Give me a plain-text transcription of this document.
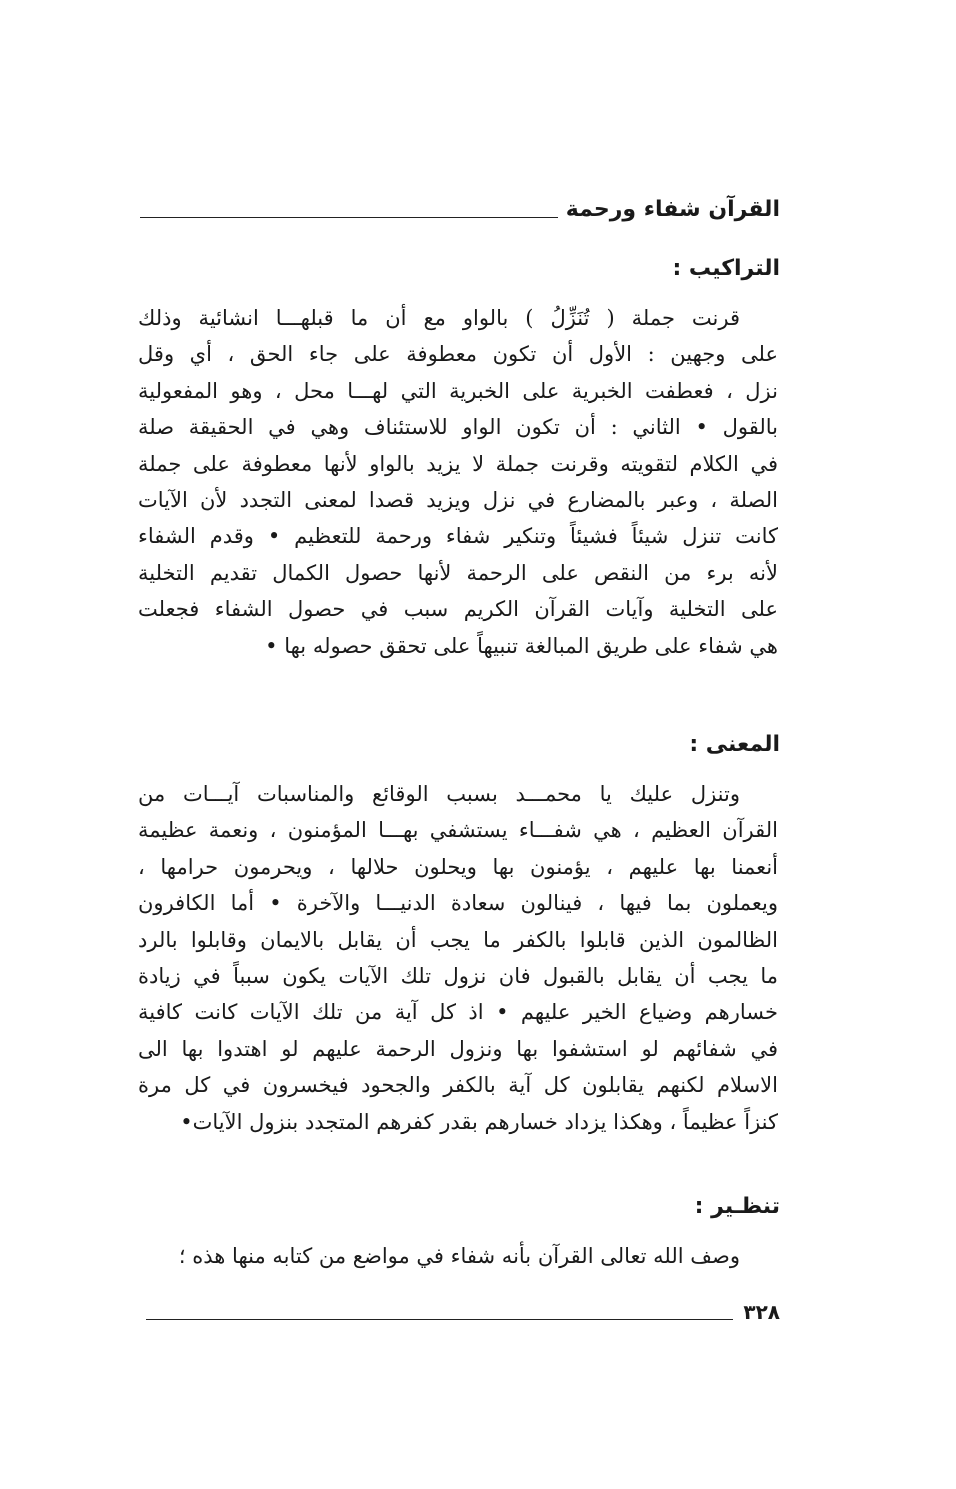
القرآن شفاء ورحمة
التراكيب :
قرنت جملة ( تُنَزِّلُ ) بالواو مع أن ما قبلهـــا انشائية وذلك
على وجهين : الأول أن تكون معطوفة على جاء الحق ، أي وقل
نزل ، فعطفت الخبرية على الخبرية التي لهـــا محل ، وهو المفعولية
بالقول • الثاني : أن تكون الواو للاستئناف وهي في الحقيقة صلة
في الكلام لتقويته وقرنت جملة لا يزيد بالواو لأنها معطوفة على جملة
الصلة ، وعبر بالمضارع في نزل ويزيد قصدا لمعنى التجدد لأن الآيات
كانت تنزل شيئاً فشيئاً وتنكير شفاء ورحمة للتعظيم • وقدم الشفاء
لأنه برء من النقص على الرحمة لأنها حصول الكمال تقديم التخلية
على التخلية وآيات القرآن الكريم سبب في حصول الشفاء فجعلت
هي شفاء على طريق المبالغة تنبيهاً على تحقق حصوله بها •
المعنى :
وتنزل عليك يا محمـــد بسبب الوقائع والمناسبات آيـــات من
القرآن العظيم ، هي شفـــاء يستشفي بهـــا المؤمنون ، ونعمة عظيمة
أنعمنا بها عليهم ، يؤمنون بها ويحلون حلالها ، ويحرمون حرامها ،
ويعملون بما فيها ، فينالون سعادة الدنيـــا والآخرة • أما الكافرون
الظالمون الذين قابلوا بالكفر ما يجب أن يقابل بالايمان وقابلوا بالرد
ما يجب أن يقابل بالقبول فان نزول تلك الآيات يكون سبباً في زيادة
خسارهم وضياع الخير عليهم • اذ كل آية من تلك الآيات كانت كافية
في شفائهم لو استشفوا بها ونزول الرحمة عليهم لو اهتدوا بها الى
الاسلام لكنهم يقابلون كل آية بالكفر والجحود فيخسرون في كل مرة
كنزاً عظيماً ، وهكذا يزداد خسارهم بقدر كفرهم المتجدد بنزول الآيات•
تنظـير :
وصف الله تعالى القرآن بأنه شفاء في مواضع من كتابه منها هذه ؛
٣٢٨
